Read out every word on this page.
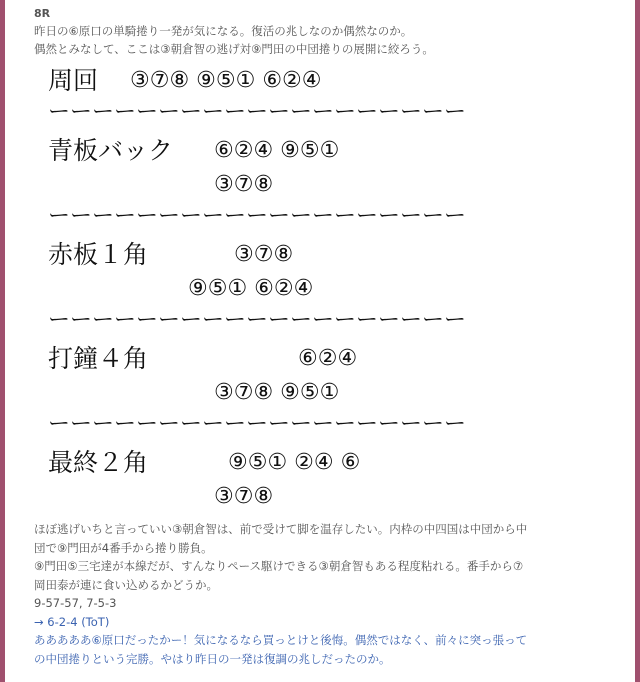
8R

昨日の⑥原口の単騎捲り一発が気になる。復活の兆しなのか偶然なのか。

偶然とみなして、ここは③朝倉智の逃げ対⑨門田の中団捲りの展開に絞ろう。

周回	③⑦⑧ ⑨⑤① ⑥②④
ーーーーーーーーーーーーーーーーーーー
青板バック	⑥②④ ⑨⑤①
③⑦⑧
ーーーーーーーーーーーーーーーーーーー
赤板１角	③⑦⑧
⑨⑤① ⑥②④
ーーーーーーーーーーーーーーーーーーー
打鐘４角	⑥②④
③⑦⑧ ⑨⑤①
ーーーーーーーーーーーーーーーーーーー
最終２角	⑨⑤① ②④ ⑥
③⑦⑧

ほぼ逃げいちと言っていい③朝倉智は、前で受けて脚を温存したい。内枠の中四国は中団から中

団で⑨門田が4番手から捲り勝負。

⑨門田⑤三宅達が本線だが、すんなりペース駆けできる③朝倉智もある程度粘れる。番手から⑦

岡田泰が連に食い込めるかどうか。

9-57-57, 7-5-3

→ 6-2-4 (ToT)

あああああ⑥原口だったかー！気になるなら買っとけと後悔。偶然ではなく、前々に突っ張って

の中団捲りという完勝。やはり昨日の一発は復調の兆しだったのか。
